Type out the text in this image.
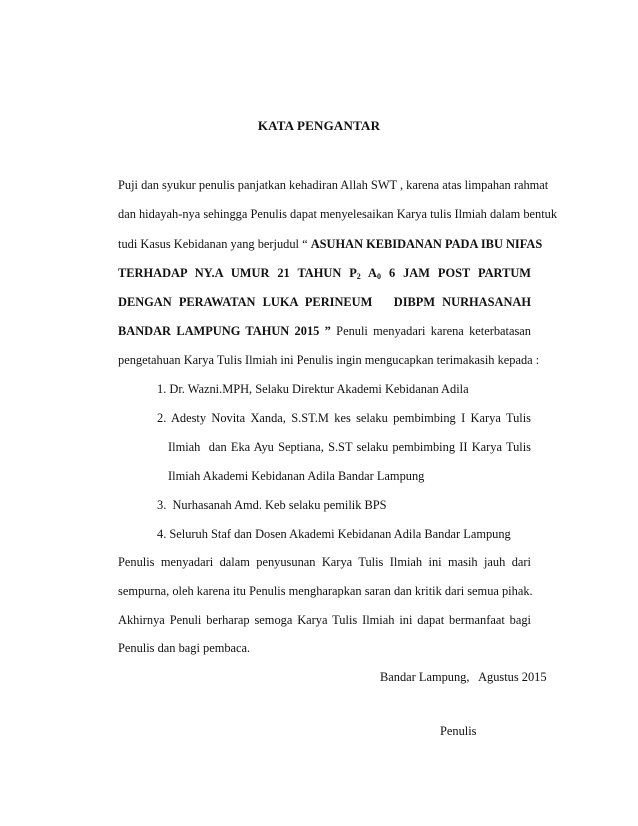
KATA PENGANTAR
Puji dan syukur penulis panjatkan kehadiran Allah SWT , karena atas limpahan rahmat
dan hidayah-nya sehingga Penulis dapat menyelesaikan Karya tulis Ilmiah dalam bentuk
tudi Kasus Kebidanan yang berjudul “ ASUHAN KEBIDANAN PADA IBU NIFAS
TERHADAP NY.A UMUR 21 TAHUN $P_2$ $A_0$ 6 JAM POST PARTUM
DENGAN PERAWATAN LUKA PERINEUM   DIBPM NURHASANAH
BANDAR LAMPUNG TAHUN 2015 ” Penuli menyadari karena keterbatasan
pengetahuan Karya Tulis Ilmiah ini Penulis ingin mengucapkan terimakasih kepada :
1. Dr. Wazni.MPH, Selaku Direktur Akademi Kebidanan Adila
2. Adesty Novita Xanda, S.ST.M kes selaku pembimbing I Karya Tulis
Ilmiah  dan Eka Ayu Septiana, S.ST selaku pembimbing II Karya Tulis
Ilmiah Akademi Kebidanan Adila Bandar Lampung
3.  Nurhasanah Amd. Keb selaku pemilik BPS
4. Seluruh Staf dan Dosen Akademi Kebidanan Adila Bandar Lampung
Penulis menyadari dalam penyusunan Karya Tulis Ilmiah ini masih jauh dari
sempurna, oleh karena itu Penulis mengharapkan saran dan kritik dari semua pihak.
Akhirnya Penuli berharap semoga Karya Tulis Ilmiah ini dapat bermanfaat bagi
Penulis dan bagi pembaca.
Bandar Lampung,   Agustus 2015
Penulis
